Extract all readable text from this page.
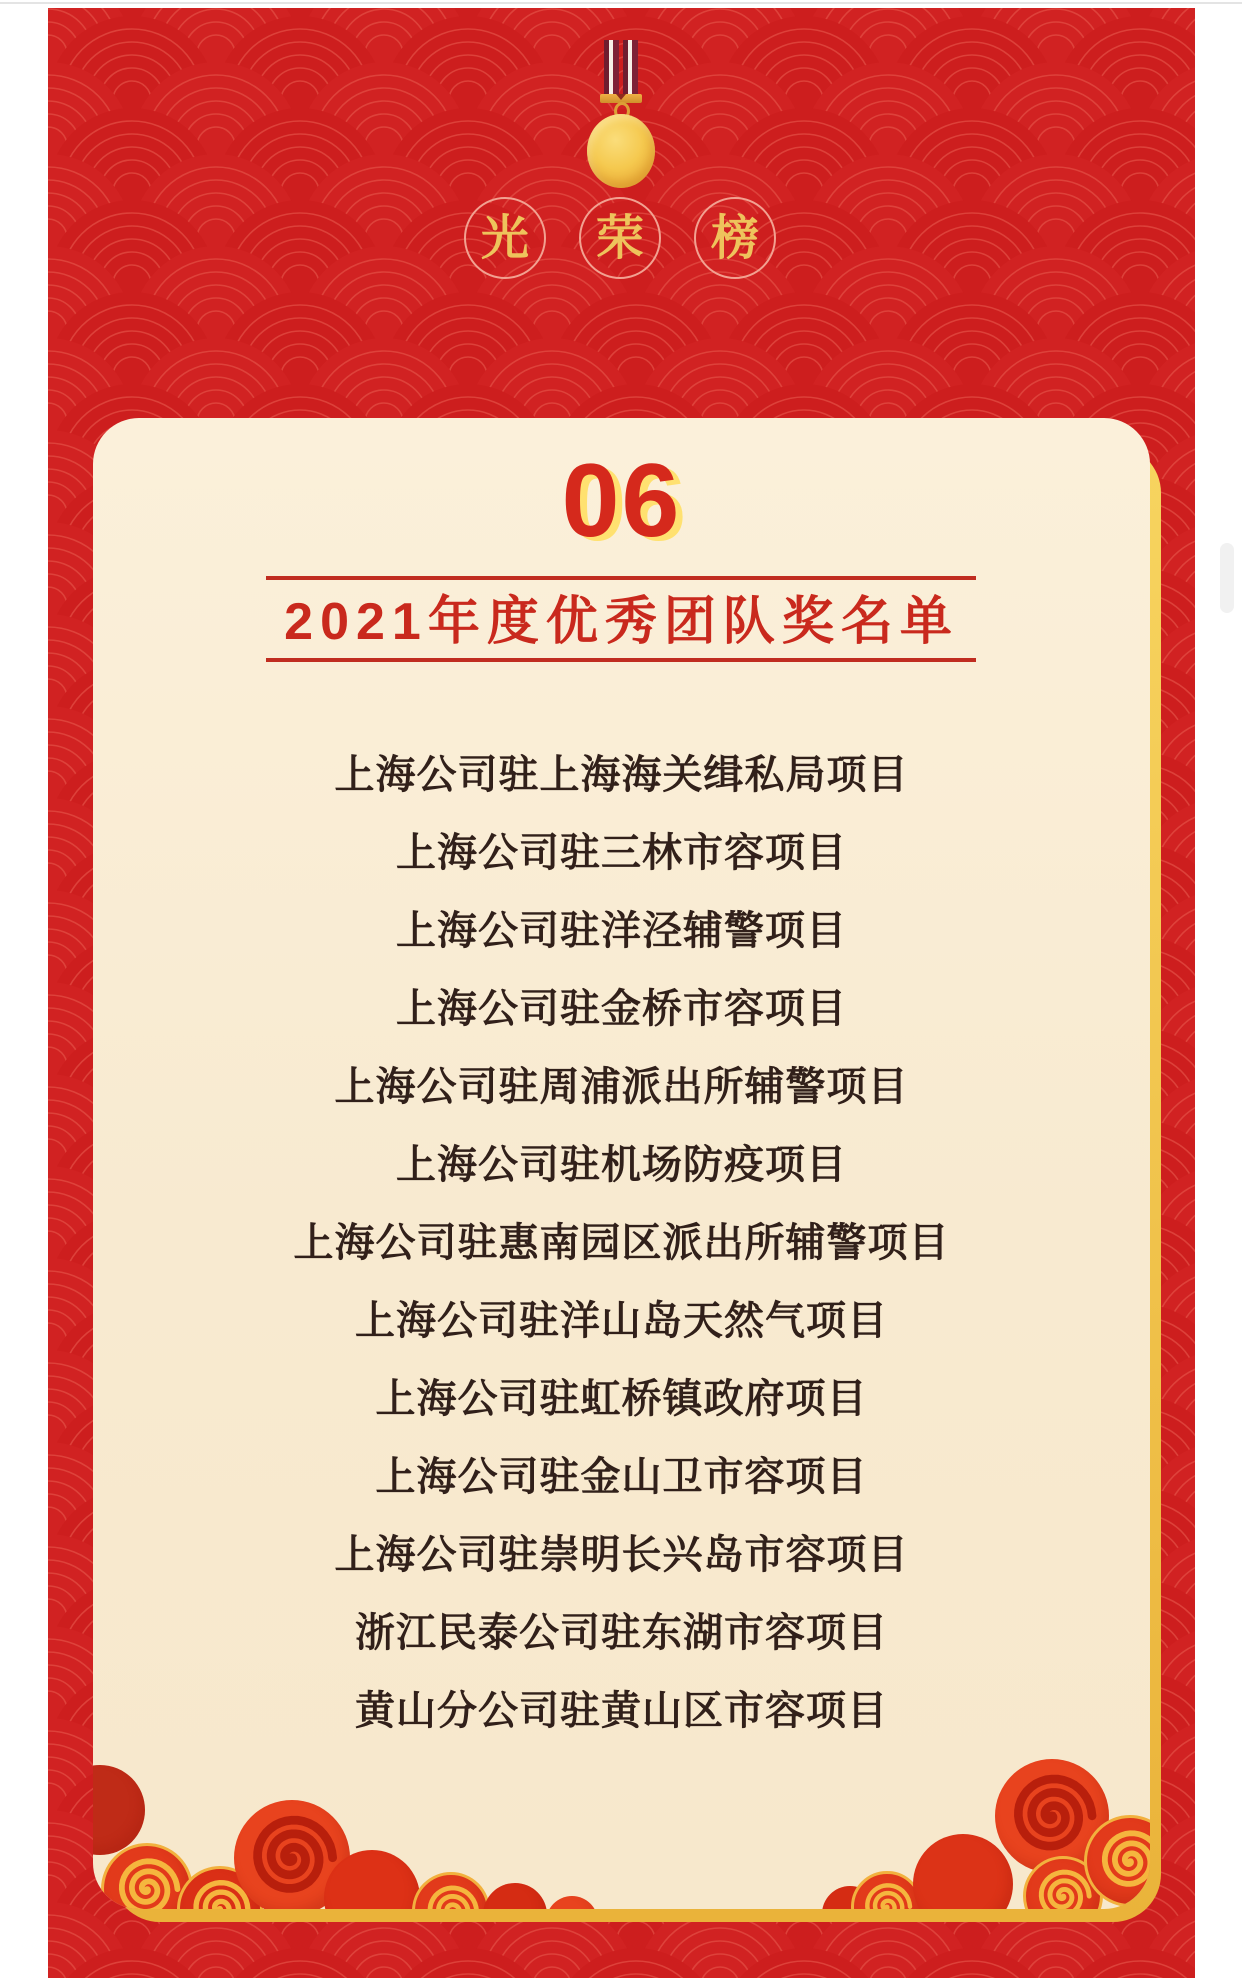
光	荣	榜
06
2021年度优秀团队奖名单
上海公司驻上海海关缉私局项目
上海公司驻三林市容项目
上海公司驻洋泾辅警项目
上海公司驻金桥市容项目
上海公司驻周浦派出所辅警项目
上海公司驻机场防疫项目
上海公司驻惠南园区派出所辅警项目
上海公司驻洋山岛天然气项目
上海公司驻虹桥镇政府项目
上海公司驻金山卫市容项目
上海公司驻崇明长兴岛市容项目
浙江民泰公司驻东湖市容项目
黄山分公司驻黄山区市容项目
